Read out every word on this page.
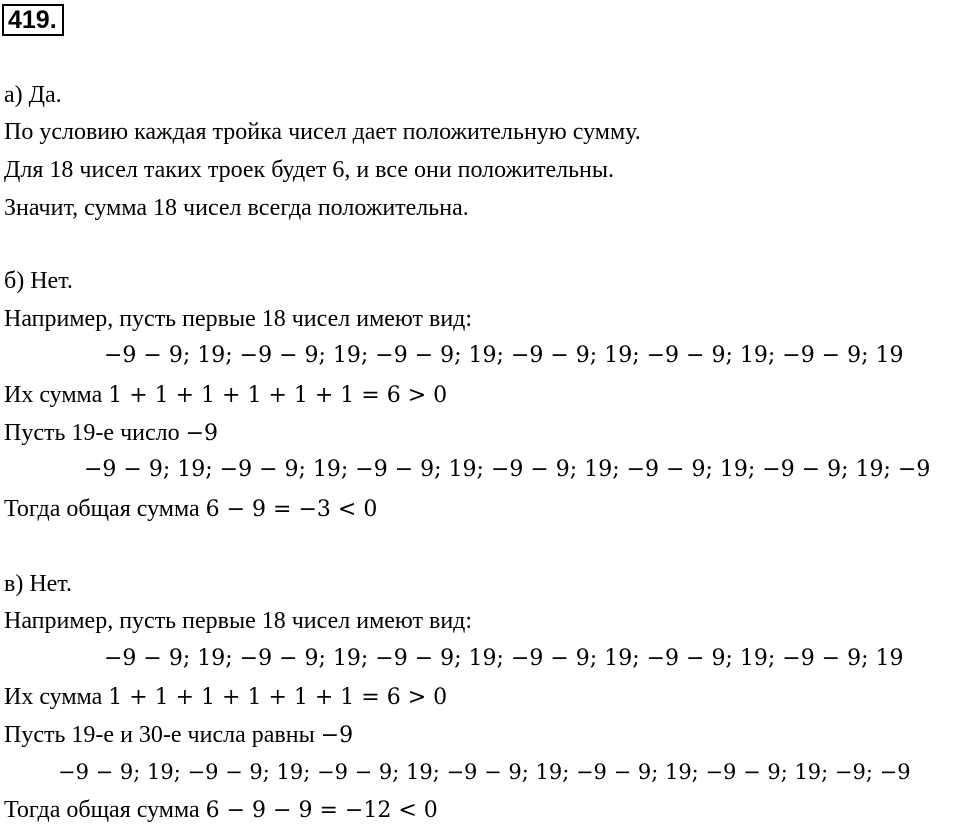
419.
а) Да.
По условию каждая тройка чисел дает положительную сумму.
Для 18 чисел таких троек будет 6, и все они положительны.
Значит, сумма 18 чисел всегда положительна.
б) Нет.
Например, пусть первые 18 чисел имеют вид:
−9 − 9; 19; −9 − 9; 19; −9 − 9; 19; −9 − 9; 19; −9 − 9; 19; −9 − 9; 19
Их сумма 1 + 1 + 1 + 1 + 1 + 1 = 6 > 0
Пусть 19-е число −9
−9 − 9; 19; −9 − 9; 19; −9 − 9; 19; −9 − 9; 19; −9 − 9; 19; −9 − 9; 19; −9
Тогда общая сумма 6 − 9 = −3 < 0
в) Нет.
Например, пусть первые 18 чисел имеют вид:
−9 − 9; 19; −9 − 9; 19; −9 − 9; 19; −9 − 9; 19; −9 − 9; 19; −9 − 9; 19
Их сумма 1 + 1 + 1 + 1 + 1 + 1 = 6 > 0
Пусть 19-е и 30-е числа равны −9
−9 − 9; 19; −9 − 9; 19; −9 − 9; 19; −9 − 9; 19; −9 − 9; 19; −9 − 9; 19; −9; −9
Тогда общая сумма 6 − 9 − 9 = −12 < 0
